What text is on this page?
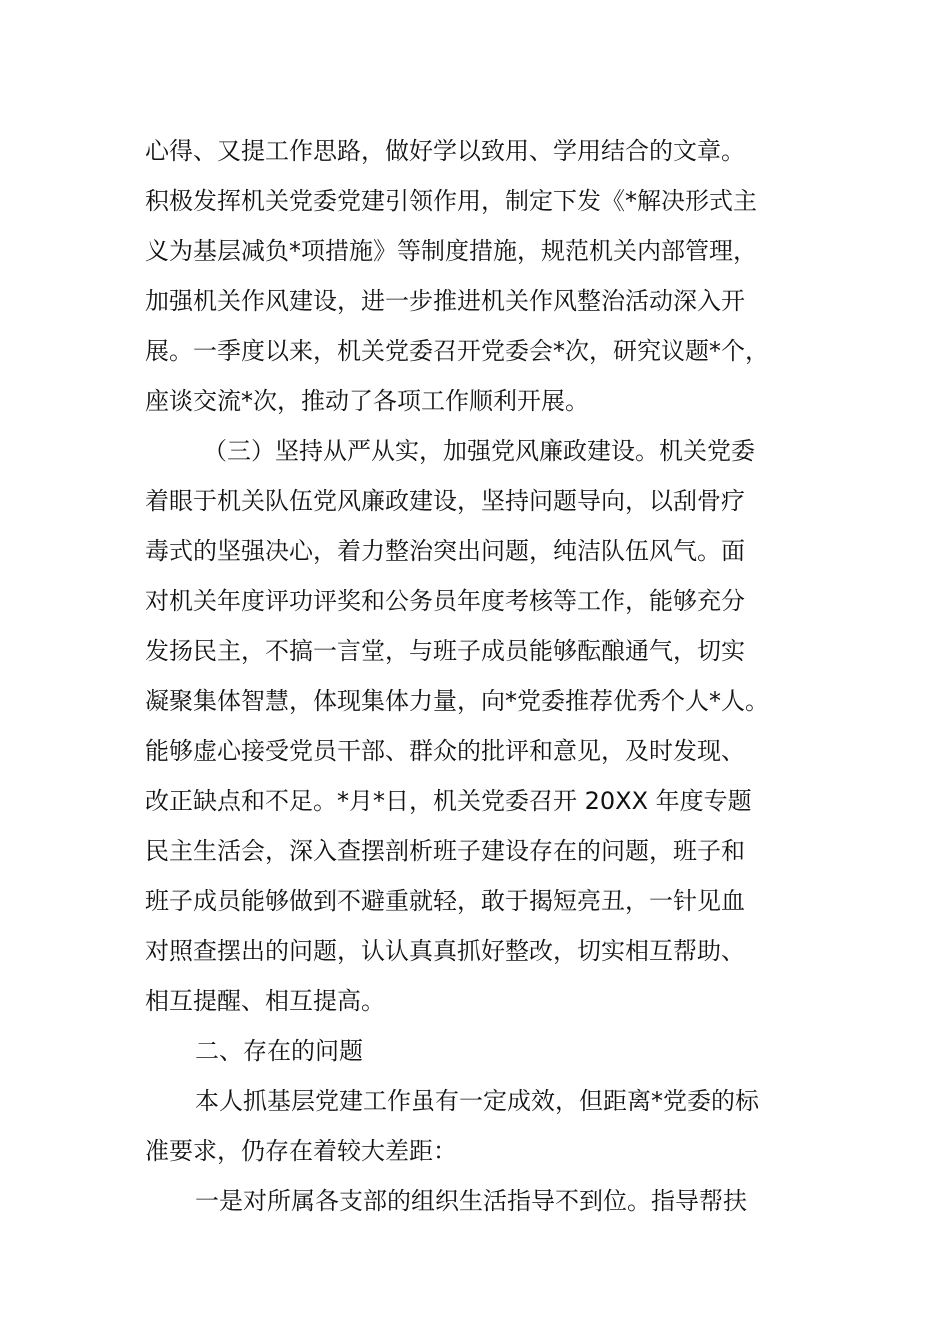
心得、又提工作思路，做好学以致用、学用结合的文章。
积极发挥机关党委党建引领作用，制定下发《*解决形式主
义为基层减负*项措施》等制度措施，规范机关内部管理，
加强机关作风建设，进一步推进机关作风整治活动深入开
展。一季度以来，机关党委召开党委会*次，研究议题*个，
座谈交流*次，推动了各项工作顺利开展。
（三）坚持从严从实，加强党风廉政建设。机关党委
着眼于机关队伍党风廉政建设，坚持问题导向，以刮骨疗
毒式的坚强决心，着力整治突出问题，纯洁队伍风气。面
对机关年度评功评奖和公务员年度考核等工作，能够充分
发扬民主，不搞一言堂，与班子成员能够酝酿通气，切实
凝聚集体智慧，体现集体力量，向*党委推荐优秀个人*人。
能够虚心接受党员干部、群众的批评和意见，及时发现、
改正缺点和不足。*月*日，机关党委召开 20XX 年度专题
民主生活会，深入查摆剖析班子建设存在的问题，班子和
班子成员能够做到不避重就轻，敢于揭短亮丑，一针见血
对照查摆出的问题，认认真真抓好整改，切实相互帮助、
相互提醒、相互提高。
二、存在的问题
本人抓基层党建工作虽有一定成效，但距离*党委的标
准要求，仍存在着较大差距：
一是对所属各支部的组织生活指导不到位。指导帮扶
